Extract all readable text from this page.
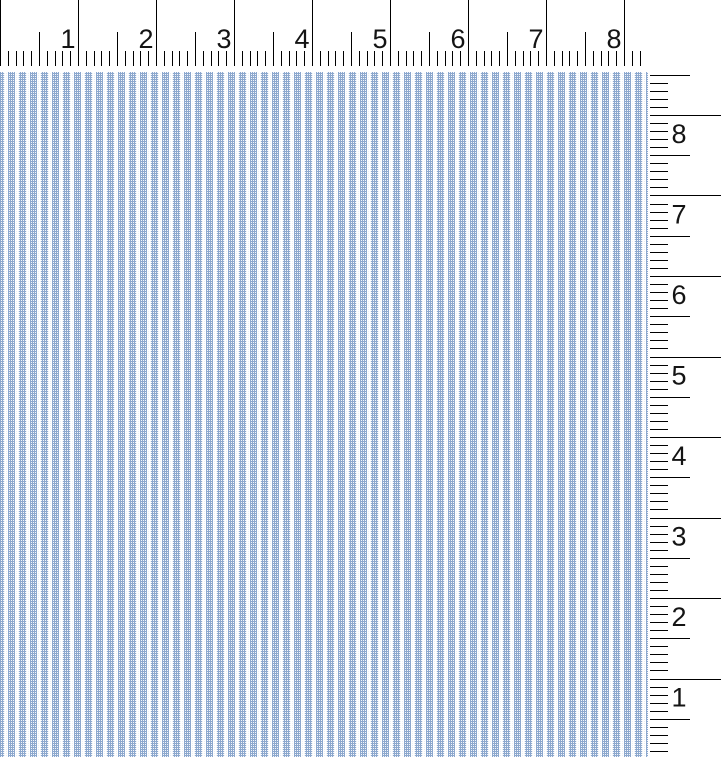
1 2 3 4 5 6 7 8
8
7
6
5
4
3
2
1
